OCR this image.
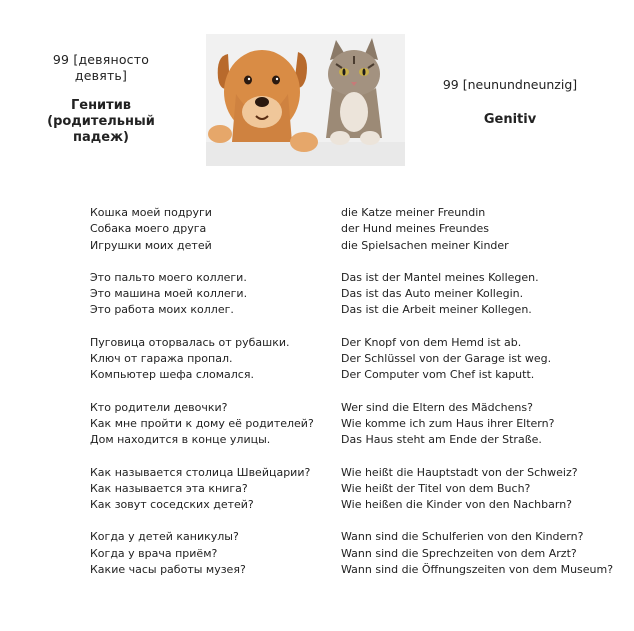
99 [девяносто девять]
Генитив (родительный падеж)
99 [neunundneunzig]
Genitiv
Кошка моей подруги	die Katze meiner Freundin
Собака моего друга	der Hund meines Freundes
Игрушки моих детей	die Spielsachen meiner Kinder
Это пальто моего коллеги.	Das ist der Mantel meines Kollegen.
Это машина моей коллеги.	Das ist das Auto meiner Kollegin.
Это работа моих коллег.	Das ist die Arbeit meiner Kollegen.
Пуговица оторвалась от рубашки.	Der Knopf von dem Hemd ist ab.
Ключ от гаража пропал.	Der Schlüssel von der Garage ist weg.
Компьютер шефа сломался.	Der Computer vom Chef ist kaputt.
Кто родители девочки?	Wer sind die Eltern des Mädchens?
Как мне пройти к дому её родителей?	Wie komme ich zum Haus ihrer Eltern?
Дом находится в конце улицы.	Das Haus steht am Ende der Straße.
Как называется столица Швейцарии?	Wie heißt die Hauptstadt von der Schweiz?
Как называется эта книга?	Wie heißt der Titel von dem Buch?
Как зовут соседских детей?	Wie heißen die Kinder von den Nachbarn?
Когда у детей каникулы?	Wann sind die Schulferien von den Kindern?
Когда у врача приём?	Wann sind die Sprechzeiten von dem Arzt?
Какие часы работы музея?	Wann sind die Öffnungszeiten von dem Museum?
